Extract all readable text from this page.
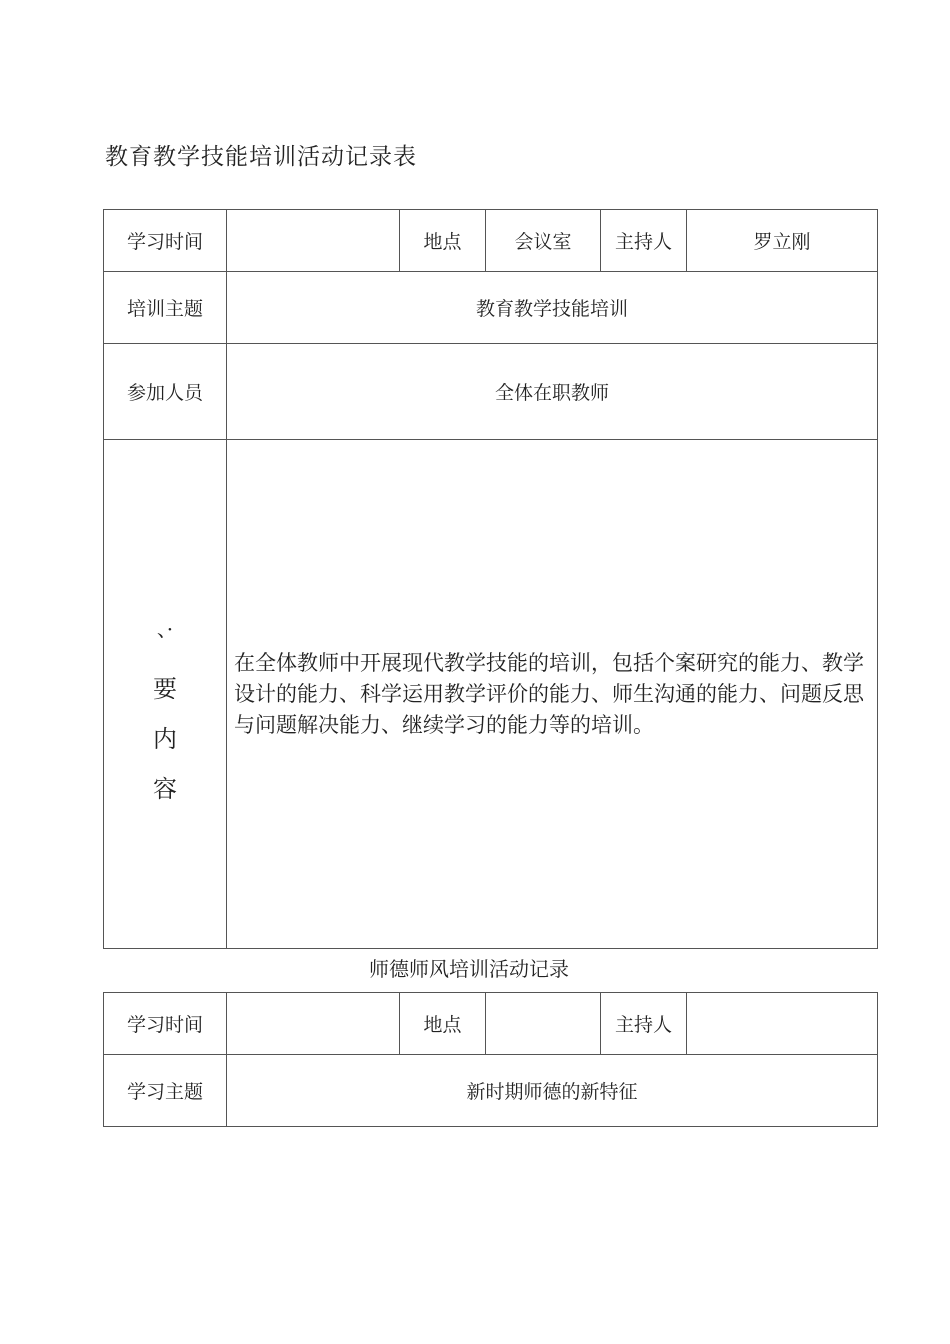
教育教学技能培训活动记录表
学习时间		地点	会议室	主持人	罗立刚
培训主题	教育教学技能培训				
参加人员	全体在职教师				

、·
要
内
容	在全体教师中开展现代教学技能的培训，包括个案研究的能力、教学设计的能力、科学运用教学评价的能力、师生沟通的能力、问题反思与问题解决能力、继续学习的能力等的培训。				
师德师风培训活动记录
学习时间		地点		主持人	
学习主题	新时期师德的新特征				
